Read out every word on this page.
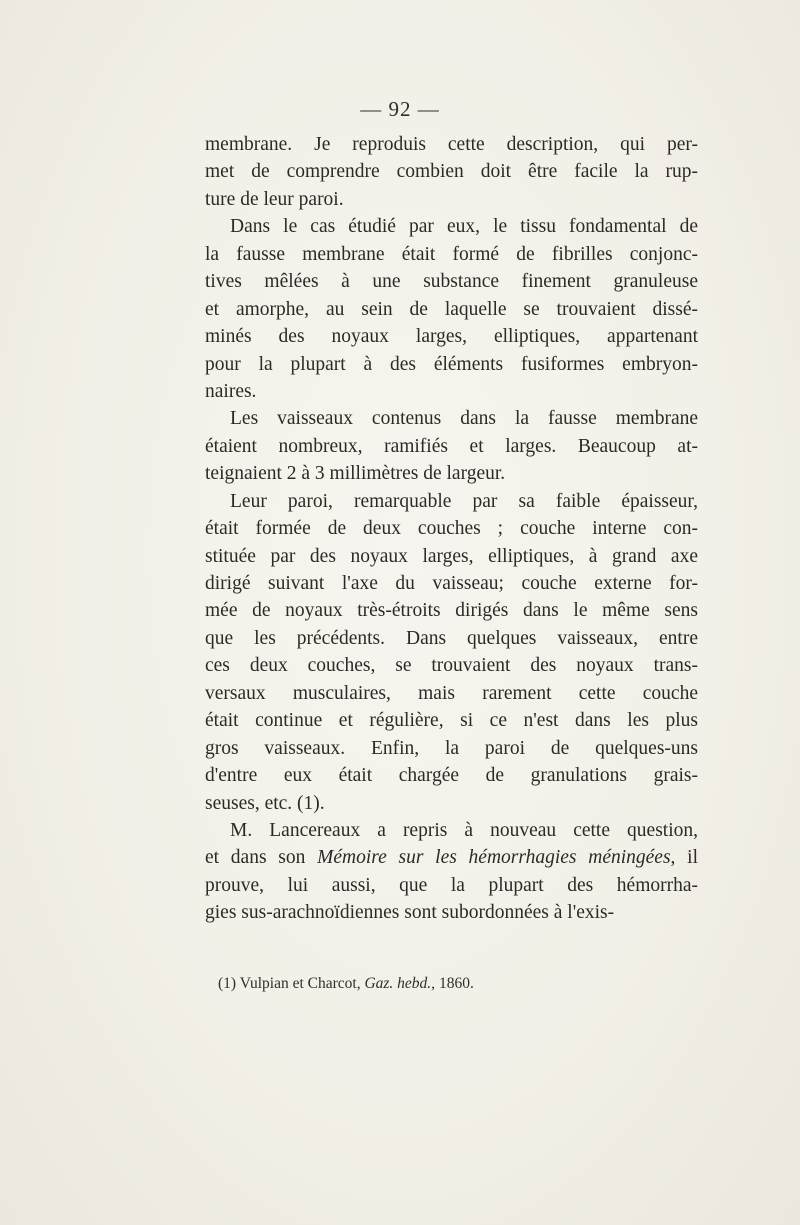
— 92 —
membrane. Je reproduis cette description, qui per-
met de comprendre combien doit être facile la rup-
ture de leur paroi.
Dans le cas étudié par eux, le tissu fondamental de
la fausse membrane était formé de fibrilles conjonc-
tives mêlées à une substance finement granuleuse
et amorphe, au sein de laquelle se trouvaient dissé-
minés des noyaux larges, elliptiques, appartenant
pour la plupart à des éléments fusiformes embryon-
naires.
Les vaisseaux contenus dans la fausse membrane
étaient nombreux, ramifiés et larges. Beaucoup at-
teignaient 2 à 3 millimètres de largeur.
Leur paroi, remarquable par sa faible épaisseur,
était formée de deux couches ; couche interne con-
stituée par des noyaux larges, elliptiques, à grand axe
dirigé suivant l'axe du vaisseau; couche externe for-
mée de noyaux très-étroits dirigés dans le même sens
que les précédents. Dans quelques vaisseaux, entre
ces deux couches, se trouvaient des noyaux trans-
versaux musculaires, mais rarement cette couche
était continue et régulière, si ce n'est dans les plus
gros vaisseaux. Enfin, la paroi de quelques-uns
d'entre eux était chargée de granulations grais-
seuses, etc. (1).
M. Lancereaux a repris à nouveau cette question,
et dans son Mémoire sur les hémorrhagies méningées, il
prouve, lui aussi, que la plupart des hémorrha-
gies sus-arachnoïdiennes sont subordonnées à l'exis-
(1) Vulpian et Charcot, Gaz. hebd., 1860.
